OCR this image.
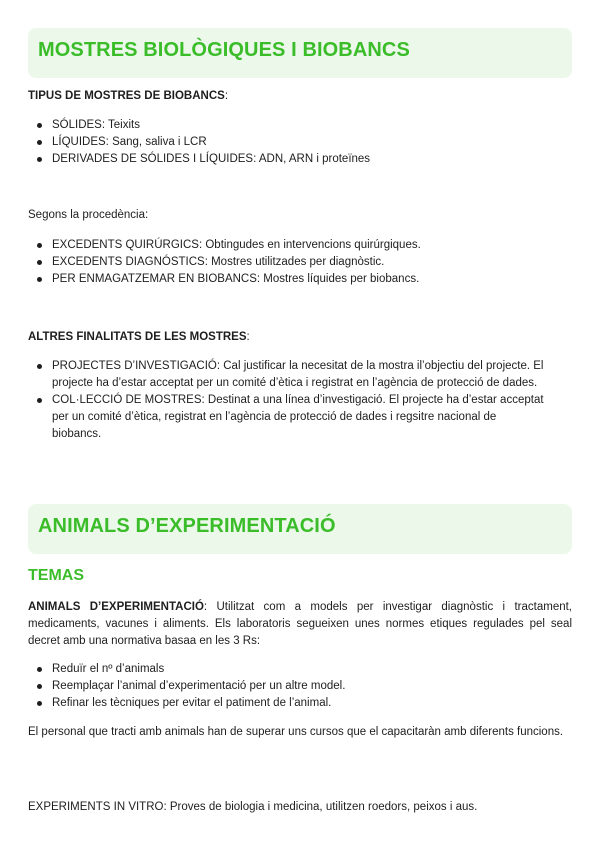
MOSTRES BIOLÒGIQUES I BIOBANCS
TIPUS DE MOSTRES DE BIOBANCS:
SÓLIDES: Teixits
LÍQUIDES: Sang, saliva i LCR
DERIVADES DE SÓLIDES I LÍQUIDES: ADN, ARN i proteïnes
Segons la procedència:
EXCEDENTS QUIRÚRGICS: Obtingudes en intervencions quirúrgiques.
EXCEDENTS DIAGNÓSTICS: Mostres utilitzades per diagnòstic.
PER ENMAGATZEMAR EN BIOBANCS: Mostres líquides per biobancs.
ALTRES FINALITATS DE LES MOSTRES:
PROJECTES D’INVESTIGACIÓ: Cal justificar la necesitat de la mostra il’objectiu del projecte. El projecte ha d’estar acceptat per un comité d’ètica i registrat en l’agència de protecció de dades.
COL·LECCIÓ DE MOSTRES: Destinat a una línea d’investigació. El projecte ha d’estar acceptat per un comité d’ètica, registrat en l’agència de protecció de dades i regsitre nacional de biobancs.
ANIMALS D’EXPERIMENTACIÓ
TEMAS
ANIMALS D’EXPERIMENTACIÓ: Utilitzat com a models per investigar diagnòstic i tractament, medicaments, vacunes i aliments. Els laboratoris segueixen unes normes etiques regulades pel seal decret amb una normativa basaa en les 3 Rs:
Reduïr el nº d’animals
Reemplaçar l’animal d’experimentació per un altre model.
Refinar les tècniques per evitar el patiment de l’animal.
El personal que tracti amb animals han de superar uns cursos que el capacitaràn amb diferents funcions.
EXPERIMENTS IN VITRO: Proves de biologia i medicina, utilitzen roedors, peixos i aus.
